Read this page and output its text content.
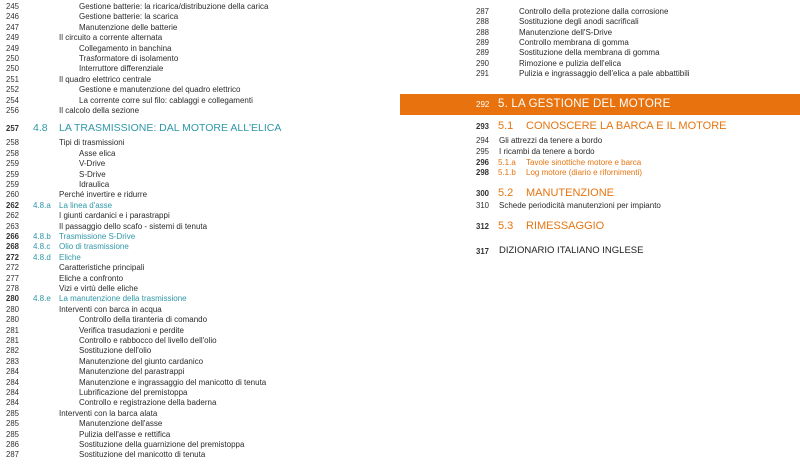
245	Gestione batterie: la ricarica/distribuzione della carica
246	Gestione batterie: la scarica
247	Manutenzione delle batterie
249	Il circuito a corrente alternata
249	Collegamento in banchina
250	Trasformatore di isolamento
250	Interruttore differenziale
251	Il quadro elettrico centrale
252	Gestione e manutenzione del quadro elettrico
254	La corrente corre sul filo: cablaggi e collegamenti
256	Il calcolo della sezione
257	4.8 LA TRASMISSIONE: DAL MOTORE ALL'ELICA
258	Tipi di trasmissioni
258	Asse elica
259	V-Drive
259	S-Drive
259	Idraulica
260	Perché invertire e ridurre
262	4.8.a La linea d'asse
262	I giunti cardanici e i parastrappi
263	Il passaggio dello scafo - sistemi di tenuta
266	4.8.b Trasmissione S-Drive
268	4.8.c Olio di trasmissione
272	4.8.d Eliche
272	Caratteristiche principali
277	Eliche a confronto
278	Vizi e virtù delle eliche
280	4.8.e La manutenzione della trasmissione
280	Interventi con barca in acqua
280	Controllo della tiranteria di comando
281	Verifica trasudazioni e perdite
281	Controllo e rabbocco del livello dell'olio
282	Sostituzione dell'olio
283	Manutenzione del giunto cardanico
284	Manutenzione del parastrappi
284	Manutenzione e ingrassaggio del manicotto di tenuta
284	Lubrificazione del premistoppa
284	Controllo e registrazione della baderna
285	Interventi con la barca alata
285	Manutenzione dell'asse
285	Pulizia dell'asse e rettifica
286	Sostituzione della guarnizione del premistoppa
287	Sostituzione del manicotto di tenuta
292 5. LA GESTIONE DEL MOTORE
287	Controllo della protezione dalla corrosione
288	Sostituzione degli anodi sacrificali
288	Manutenzione dell'S-Drive
289	Controllo membrana di gomma
289	Sostituzione della membrana di gomma
290	Rimozione e pulizia dell'elica
291	Pulizia e ingrassaggio dell'elica a pale abbattibili
293 5.1 CONOSCERE LA BARCA E IL MOTORE
294	Gli attrezzi da tenere a bordo
295	I ricambi da tenere a bordo
296	5.1.a Tavole sinottiche motore e barca
298	5.1.b Log motore (diario e rifornimenti)
300 5.2 MANUTENZIONE
310	Schede periodicità manutenzioni per impianto
312 5.3 RIMESSAGGIO
317	DIZIONARIO ITALIANO INGLESE
